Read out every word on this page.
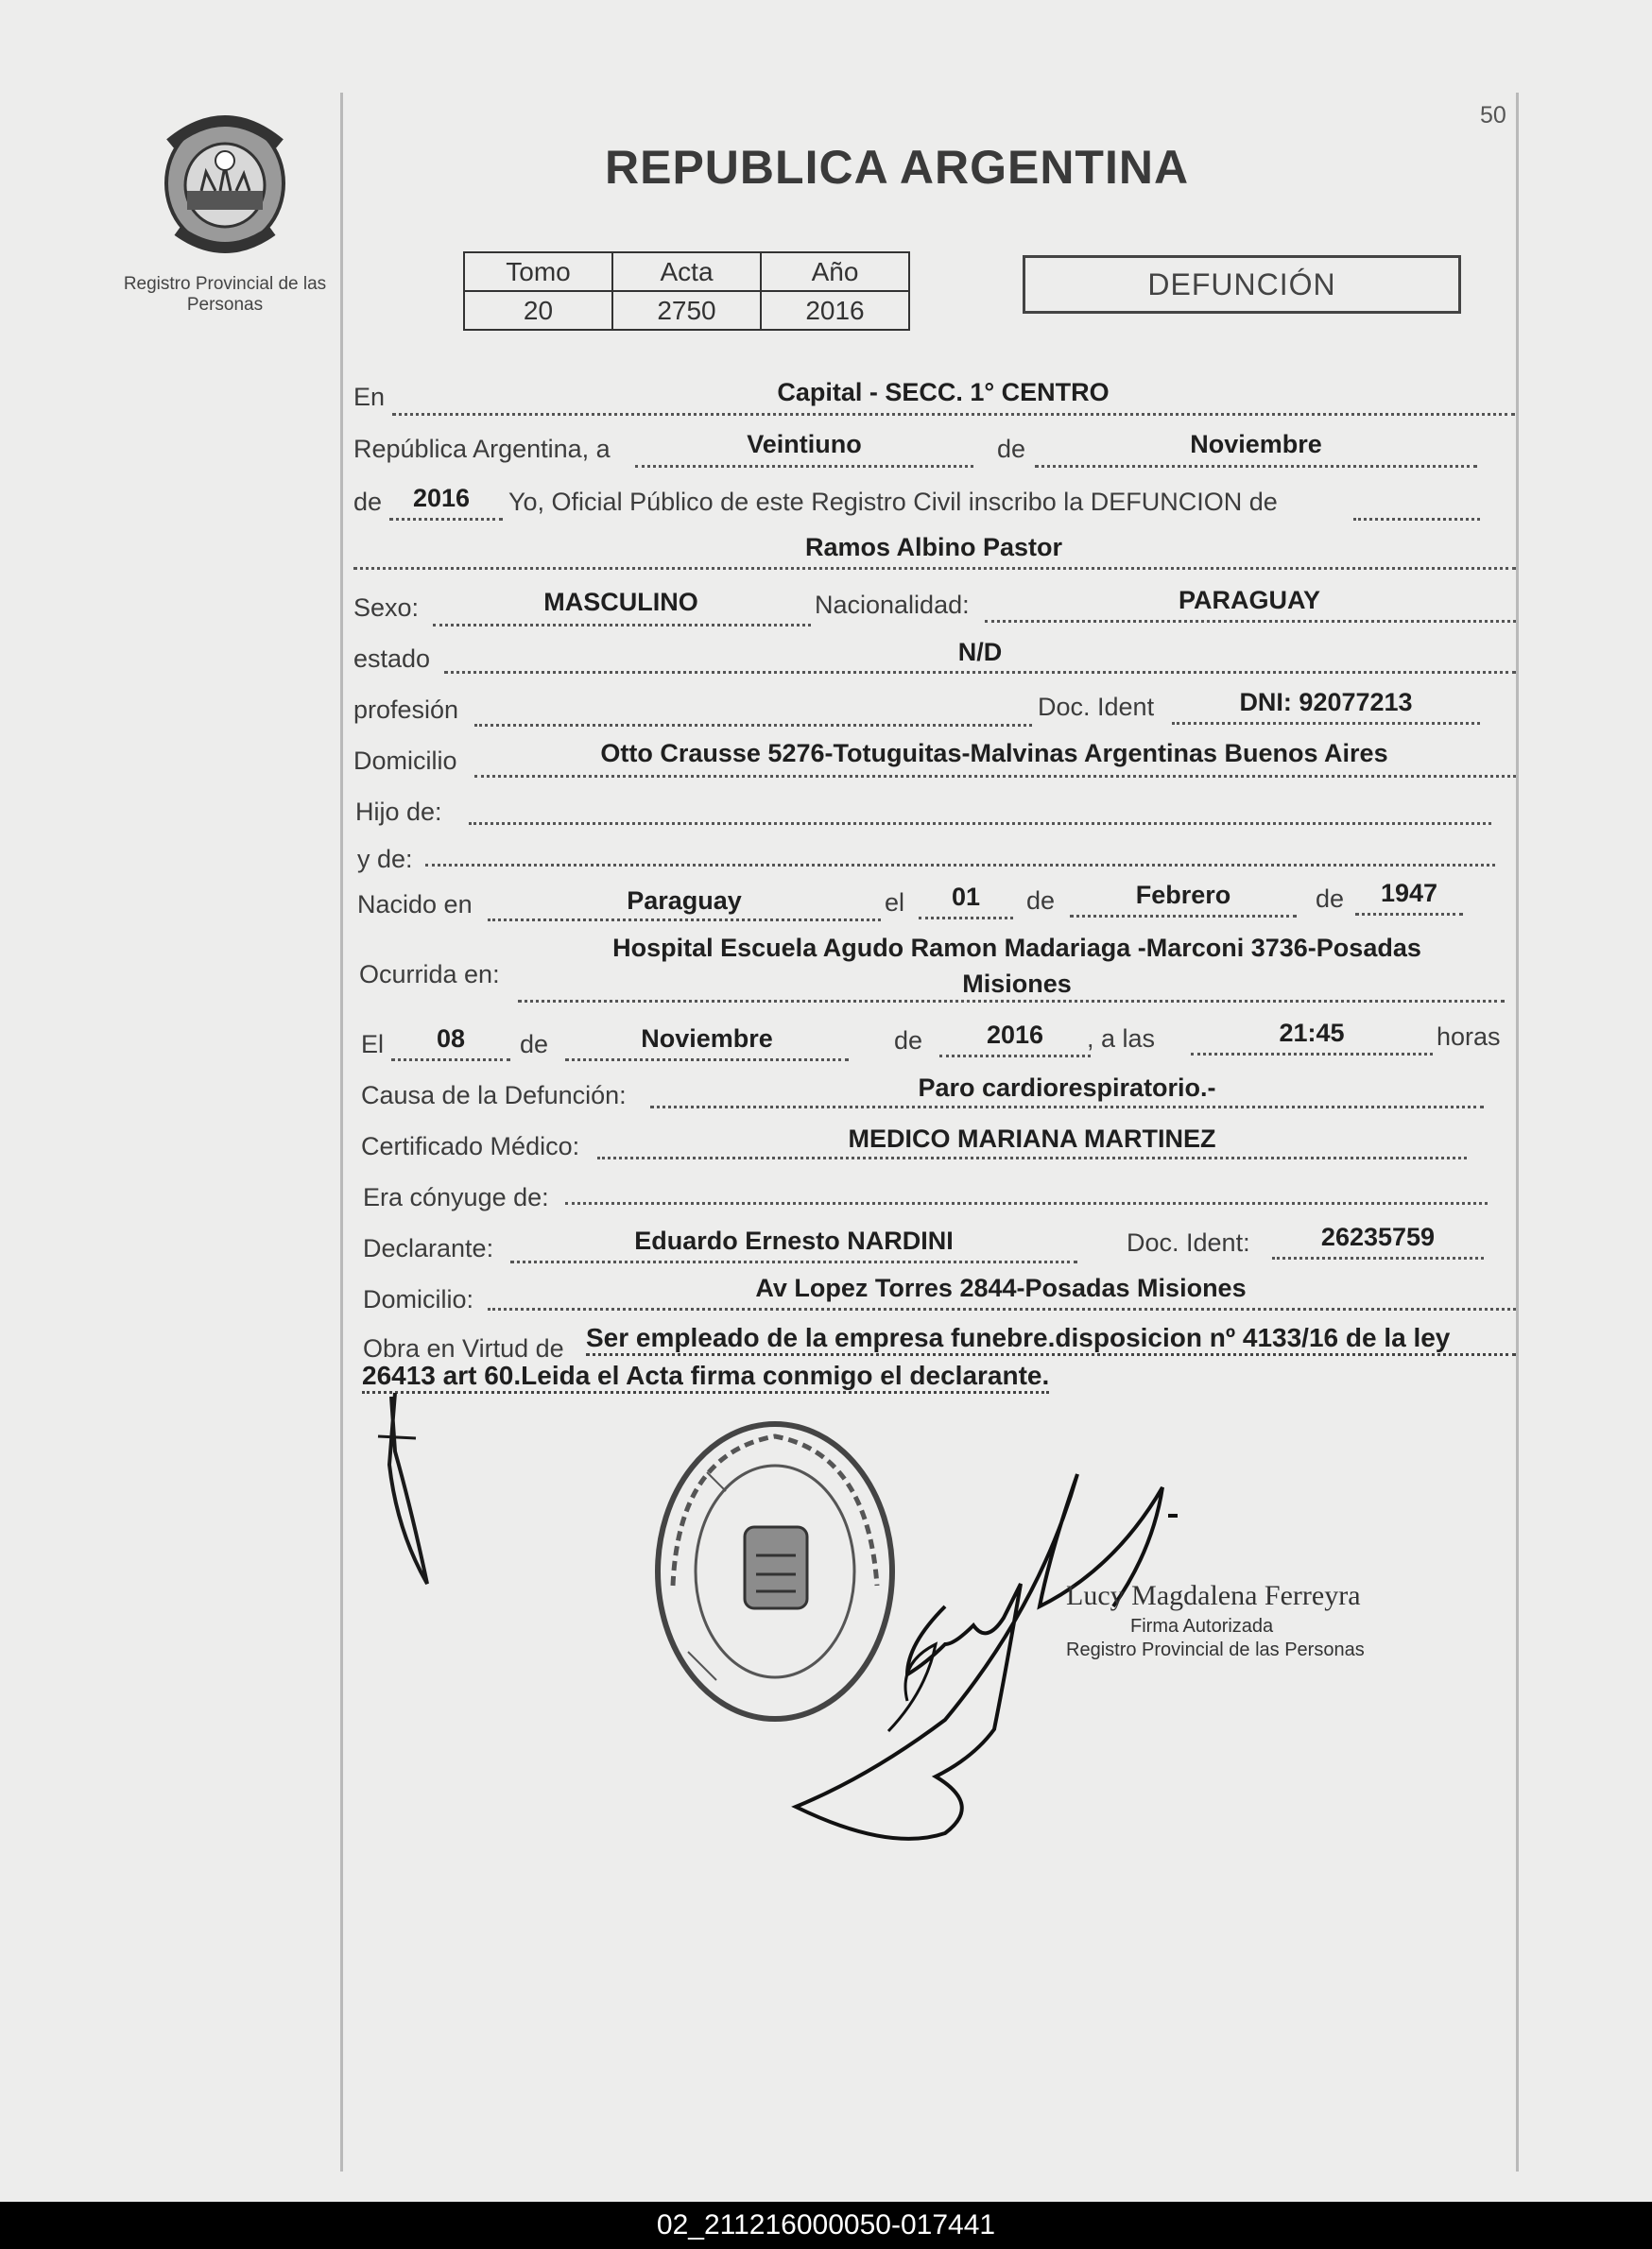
Registro Provincial de las Personas
50
REPUBLICA ARGENTINA
Tomo	Acta	Año
20	2750	2016
DEFUNCIÓN
En	Capital - SECC. 1° CENTRO
República Argentina, a	Veintiuno	de	Noviembre
de	2016	Yo, Oficial Público de este Registro Civil inscribo la DEFUNCION de
Ramos Albino Pastor
Sexo:	MASCULINO	Nacionalidad:	PARAGUAY
estado	N/D
profesión	Doc. Ident	DNI: 92077213
Domicilio	Otto Crausse 5276-Totuguitas-Malvinas Argentinas Buenos Aires
Hijo de:
y de:
Nacido en	Paraguay	el	01	de	Febrero	de	1947
Ocurrida en:
Hospital Escuela Agudo Ramon Madariaga -Marconi 3736-Posadas
Misiones
El	08	de	Noviembre	de	2016	, a las	21:45	horas
Causa de la Defunción:	Paro cardiorespiratorio.-
Certificado Médico:	MEDICO MARIANA MARTINEZ
Era cónyuge de:
Declarante:	Eduardo Ernesto NARDINI	Doc. Ident:	26235759
Domicilio:	Av Lopez Torres 2844-Posadas Misiones
Obra en Virtud de Ser empleado de la empresa funebre.disposicion nº 4133/16 de la ley
26413 art 60.Leida el Acta firma conmigo el declarante.
Lucy Magdalena Ferreyra
Firma Autorizada
Registro Provincial de las Personas
02_211216000050-017441
